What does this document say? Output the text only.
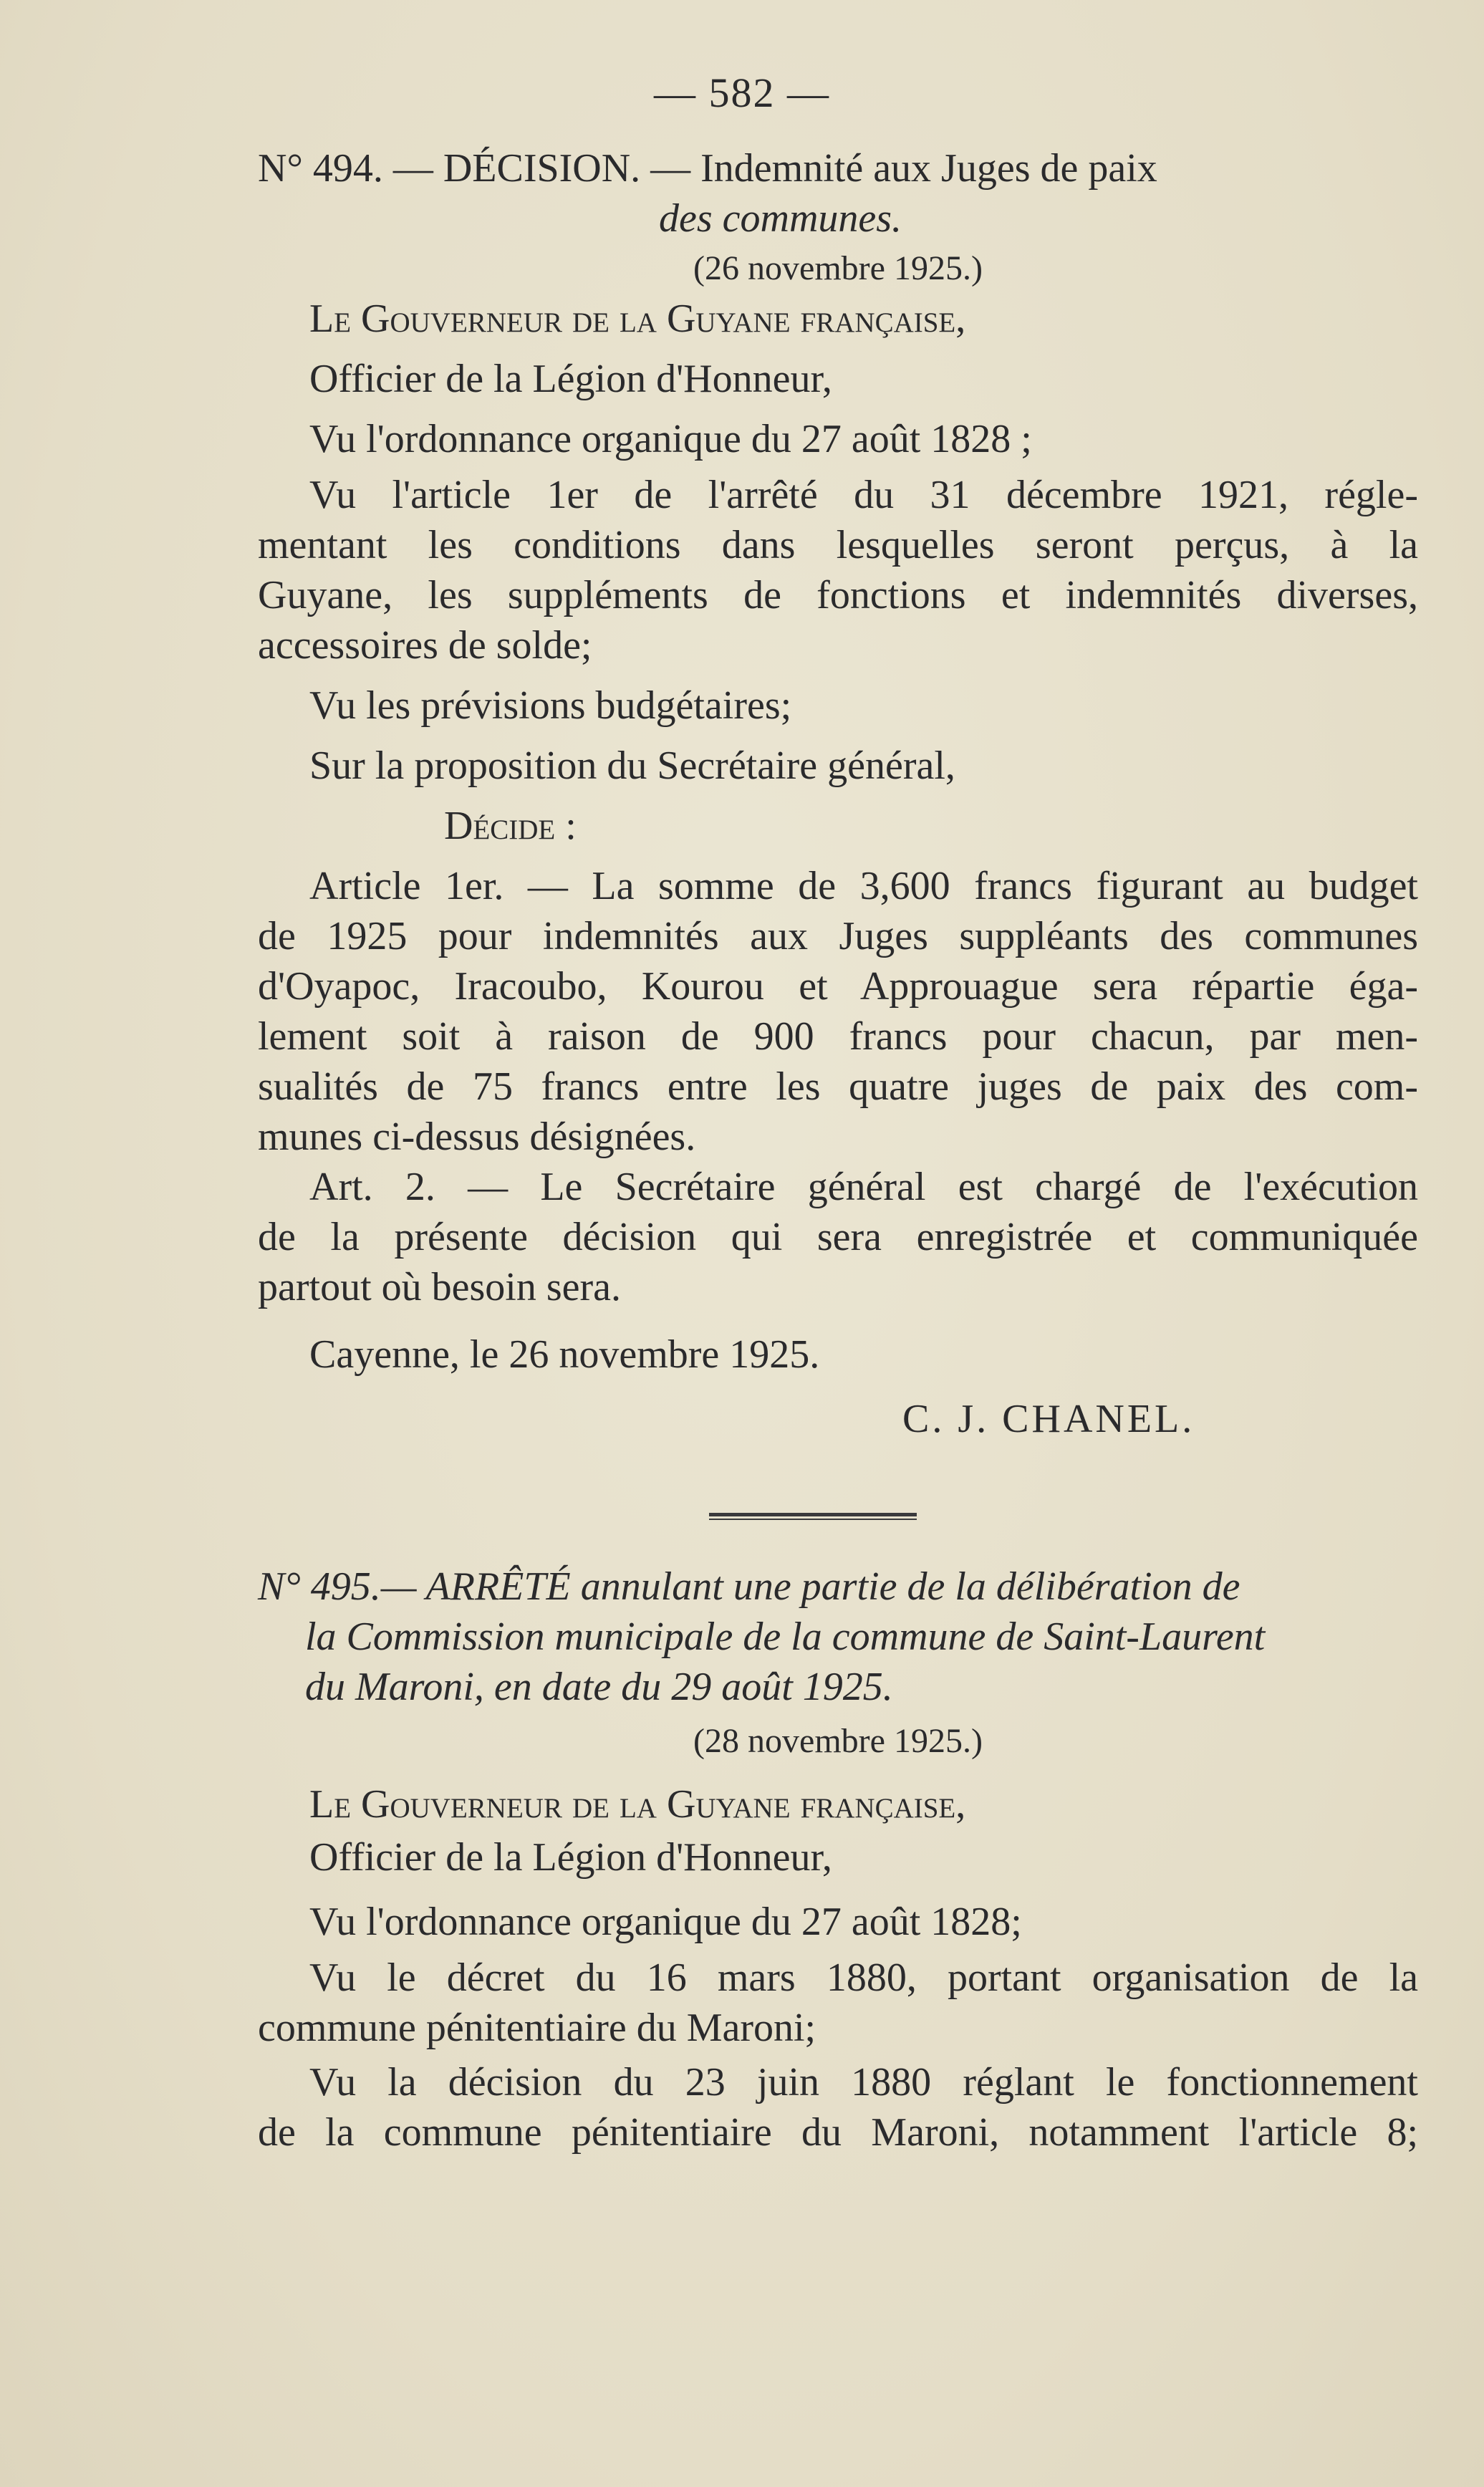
— 582 —
N° 494. — DÉCISION. — Indemnité aux Juges de paix
des communes.
(26 novembre 1925.)
Le Gouverneur de la Guyane française,
Officier de la Légion d'Honneur,
Vu l'ordonnance organique du 27 août 1828 ;
Vu l'article 1er de l'arrêté du 31 décembre 1921, régle-
mentant les conditions dans lesquelles seront perçus, à la
Guyane, les suppléments de fonctions et indemnités diverses,
accessoires de solde;
Vu les prévisions budgétaires;
Sur la proposition du Secrétaire général,
Décide :
Article 1er. — La somme de 3,600 francs figurant au budget
de 1925 pour indemnités aux Juges suppléants des communes
d'Oyapoc, Iracoubo, Kourou et Approuague sera répartie éga-
lement soit à raison de 900 francs pour chacun, par men-
sualités de 75 francs entre les quatre juges de paix des com-
munes ci-dessus désignées.
Art. 2. — Le Secrétaire général est chargé de l'exécution
de la présente décision qui sera enregistrée et communiquée
partout où besoin sera.
Cayenne, le 26 novembre 1925.
C. J. CHANEL.
N° 495.— ARRÊTÉ annulant une partie de la délibération de
la Commission municipale de la commune de Saint-Laurent
du Maroni, en date du 29 août 1925.
(28 novembre 1925.)
Le Gouverneur de la Guyane française,
Officier de la Légion d'Honneur,
Vu l'ordonnance organique du 27 août 1828;
Vu le décret du 16 mars 1880, portant organisation de la
commune pénitentiaire du Maroni;
Vu la décision du 23 juin 1880 réglant le fonctionnement
de la commune pénitentiaire du Maroni, notamment l'article 8;
